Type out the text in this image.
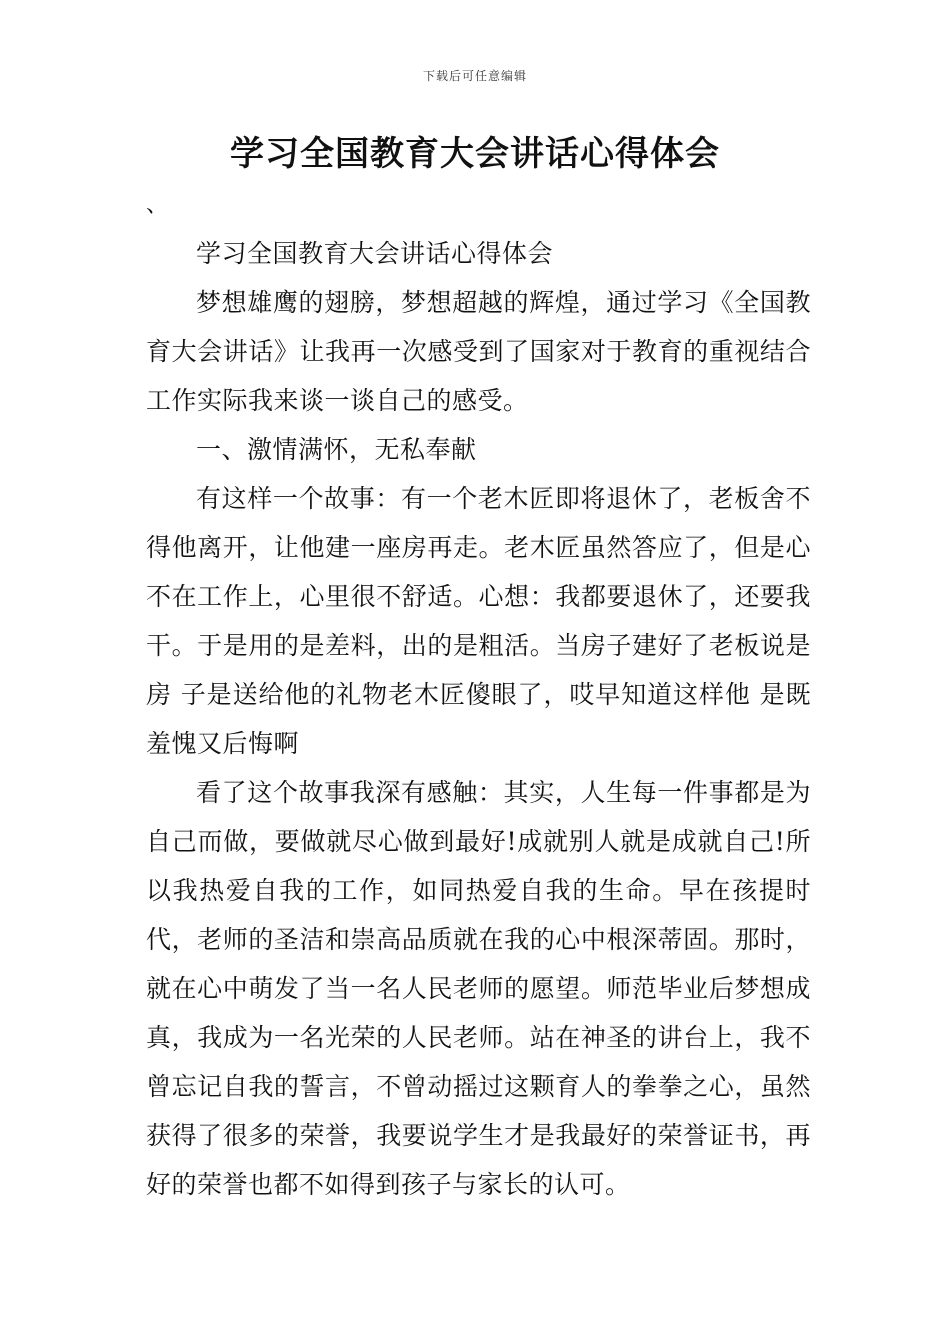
下载后可任意编辑
学习全国教育大会讲话心得体会
、

学习全国教育大会讲话心得体会

梦想雄鹰的翅膀，梦想超越的辉煌，通过学习《全国教育大会讲话》让我再一次感受到了国家对于教育的重视结合工作实际我来谈一谈自己的感受。

一、激情满怀，无私奉献

有这样一个故事：有一个老木匠即将退休了，老板舍不得他离开，让他建一座房再走。老木匠虽然答应了，但是心不在工作上，心里很不舒适。心想：我都要退休了，还要我干。于是用的是差料，出的是粗活。当房子建好了老板说是房 子是送给他的礼物老木匠傻眼了，哎早知道这样他 是既羞愧又后悔啊

看了这个故事我深有感触：其实，人生每一件事都是为自己而做，要做就尽心做到最好!成就别人就是成就自己!所以我热爱自我的工作，如同热爱自我的生命。早在孩提时代，老师的圣洁和崇高品质就在我的心中根深蒂固。那时，就在心中萌发了当一名人民老师的愿望。师范毕业后梦想成真，我成为一名光荣的人民老师。站在神圣的讲台上，我不曾忘记自我的誓言，不曾动摇过这颗育人的拳拳之心，虽然获得了很多的荣誉，我要说学生才是我最好的荣誉证书，再好的荣誉也都不如得到孩子与家长的认可。
